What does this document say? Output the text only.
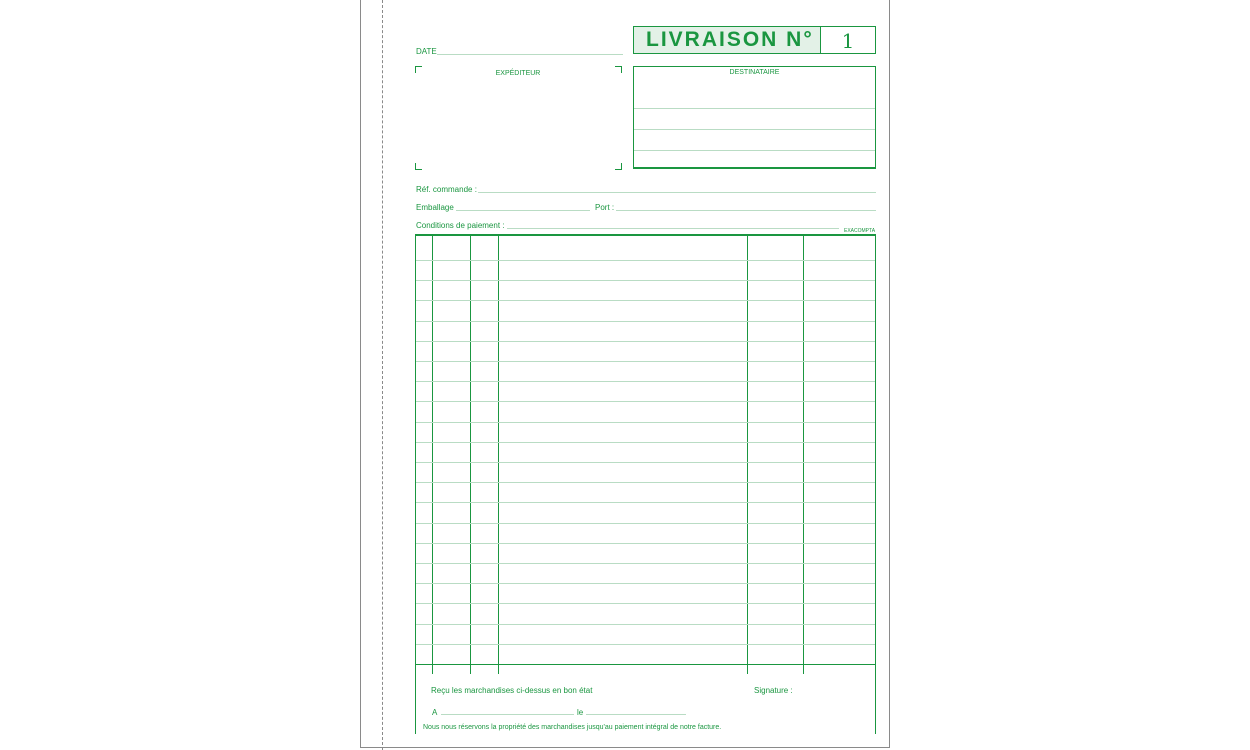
LIVRAISON N°	1
DATE
EXPÉDITEUR	DESTINATAIRE
Réf. commande :
Emballage	Port :
Conditions de paiement :
EXACOMPTA
Reçu les marchandises ci-dessus en bon état	Signature :
A	le
Nous nous réservons la propriété des marchandises jusqu'au paiement intégral de notre facture.
